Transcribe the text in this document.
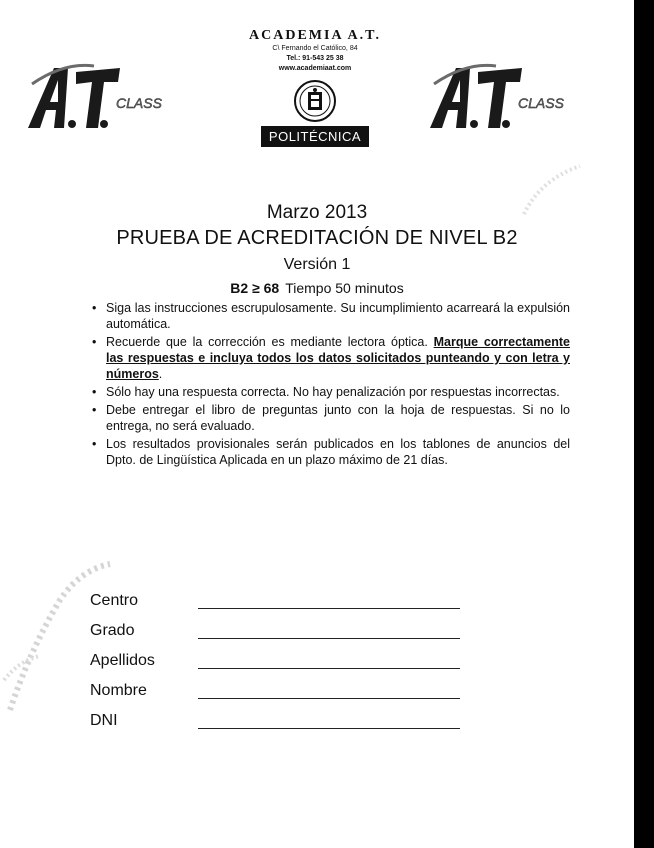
CLASS	CLASS
ACADEMIA A.T.
C\ Fernando el Católico, 84
Tel.: 91-543 25 38
www.academiaat.com
POLITÉCNICA
Marzo 2013
PRUEBA DE ACREDITACIÓN DE NIVEL B2
Versión 1
B2 ≥ 68 Tiempo 50 minutos
• Siga las instrucciones escrupulosamente. Su incumplimiento acarreará la expulsión automática.
• Recuerde que la corrección es mediante lectora óptica. Marque correctamente las respuestas e incluya todos los datos solicitados punteando y con letra y números.
• Sólo hay una respuesta correcta. No hay penalización por respuestas incorrectas.
• Debe entregar el libro de preguntas junto con la hoja de respuestas. Si no lo entrega, no será evaluado.
• Los resultados provisionales serán publicados en los tablones de anuncios del Dpto. de Lingüística Aplicada en un plazo máximo de 21 días.
Centro
Grado
Apellidos
Nombre
DNI
